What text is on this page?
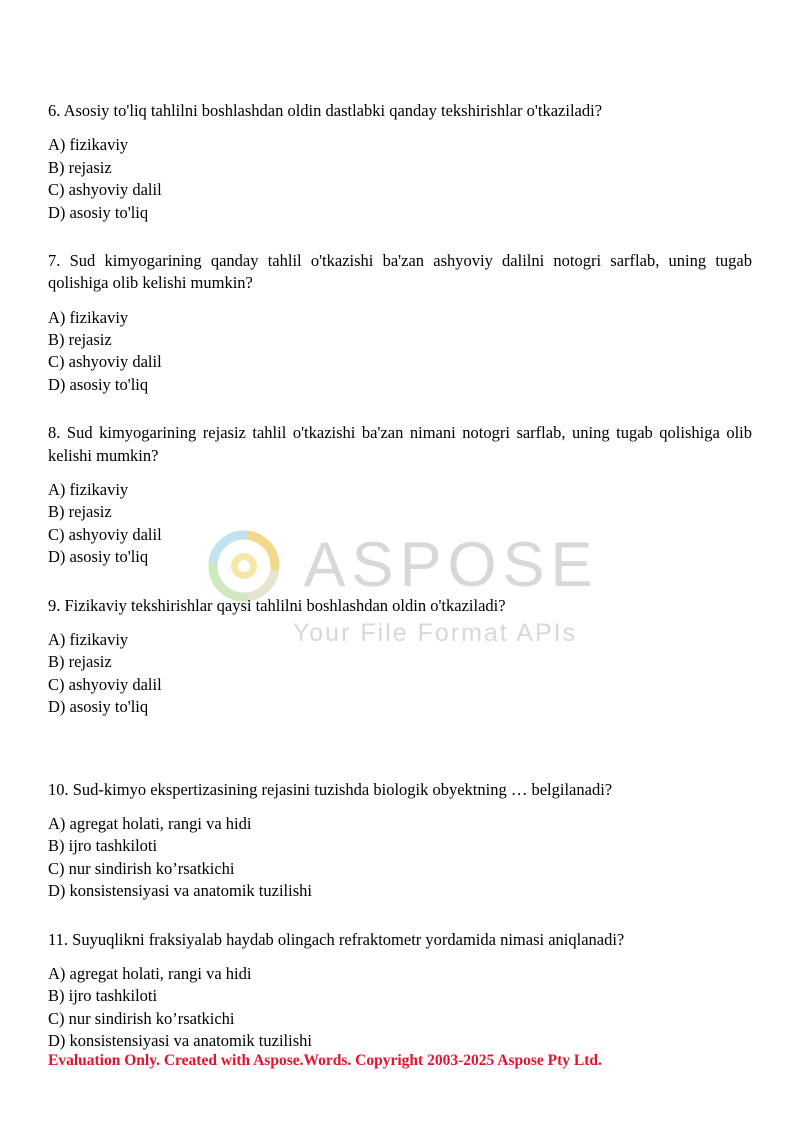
ASPOSE
Your File Format APIs

6. Asosiy to'liq tahlilni boshlashdan oldin dastlabki qanday tekshirishlar o'tkaziladi?

A) fizikaviy

B) rejasiz

C) ashyoviy dalil

D) asosiy to'liq

7. Sud kimyogarining qanday tahlil o'tkazishi ba'zan ashyoviy dalilni notogri sarflab, uning tugab qolishiga olib kelishi mumkin?

A) fizikaviy

B) rejasiz

C) ashyoviy dalil

D) asosiy to'liq

8. Sud kimyogarining rejasiz tahlil o'tkazishi ba'zan nimani notogri sarflab, uning tugab qolishiga olib kelishi mumkin?

A) fizikaviy

B) rejasiz

C) ashyoviy dalil

D) asosiy to'liq

9. Fizikaviy tekshirishlar qaysi tahlilni boshlashdan oldin o'tkaziladi?

A) fizikaviy

B) rejasiz

C) ashyoviy dalil

D) asosiy to'liq

10. Sud-kimyo ekspertizasining rejasini tuzishda biologik obyektning … belgilanadi?

A) agregat holati, rangi va hidi

B) ijro tashkiloti

C) nur sindirish ko’rsatkichi

D) konsistensiyasi va anatomik tuzilishi

11. Suyuqlikni fraksiyalab haydab olingach refraktometr yordamida nimasi aniqlanadi?

A) agregat holati, rangi va hidi

B) ijro tashkiloti

C) nur sindirish ko’rsatkichi

D) konsistensiyasi va anatomik tuzilishi

Evaluation Only. Created with Aspose.Words. Copyright 2003-2025 Aspose Pty Ltd.
